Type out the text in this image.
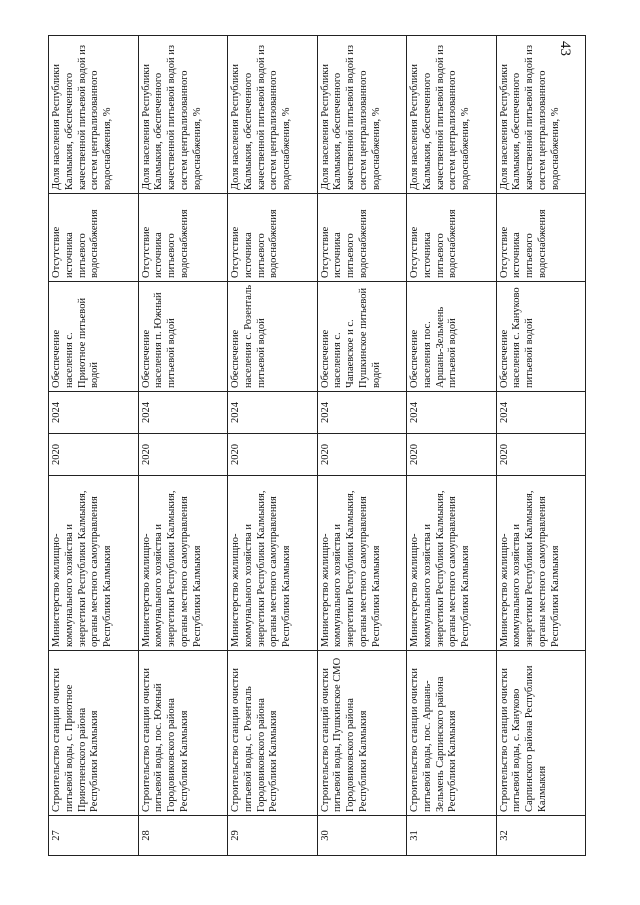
43
27	Строительство станции очистки питьевой воды, с. Приютное Приютненского района Республики Калмыкия	Министерство жилищно-коммунального хозяйства и энергетики Республики Калмыкия, органы местного самоуправления Республики Калмыкия	2020	2024	Обеспечение населения с. Приютное питьевой водой	Отсутствие источника питьевого водоснабжения	Доля населения Республики Калмыкия, обеспеченного качественной питьевой водой из систем централизованного водоснабжения, %
28	Строительство станции очистки питьевой воды, пос. Южный Городовиковского района Республики Калмыкия	Министерство жилищно-коммунального хозяйства и энергетики Республики Калмыкия, органы местного самоуправления Республики Калмыкия	2020	2024	Обеспечение населения п. Южный питьевой водой	Отсутствие источника питьевого водоснабжения	Доля населения Республики Калмыкия, обеспеченного качественной питьевой водой из систем централизованного водоснабжения, %
29	Строительство станции очистки питьевой воды, с. Розенталь Городовиковского района Республики Калмыкия	Министерство жилищно-коммунального хозяйства и энергетики Республики Калмыкия, органы местного самоуправления Республики Калмыкия	2020	2024	Обеспечение населения с. Розенталь питьевой водой	Отсутствие источника питьевого водоснабжения	Доля населения Республики Калмыкия, обеспеченного качественной питьевой водой из систем централизованного водоснабжения, %
30	Строительство станций очистки питьевой воды, Пушкинское СМО Городовиковского района Республики Калмыкия	Министерство жилищно-коммунального хозяйства и энергетики Республики Калмыкия, органы местного самоуправления Республики Калмыкия	2020	2024	Обеспечение населения с. Чапаевское и с. Пушкинское питьевой водой	Отсутствие источника питьевого водоснабжения	Доля населения Республики Калмыкия, обеспеченного качественной питьевой водой из систем централизованного водоснабжения, %
31	Строительство станции очистки питьевой воды, пос. Аршань-Зельмень Сарпинского района Республики Калмыкия	Министерство жилищно-коммунального хозяйства и энергетики Республики Калмыкия, органы местного самоуправления Республики Калмыкия	2020	2024	Обеспечение населения пос. Аршань-Зельмень питьевой водой	Отсутствие источника питьевого водоснабжения	Доля населения Республики Калмыкия, обеспеченного качественной питьевой водой из систем централизованного водоснабжения, %
32	Строительство станции очистки питьевой воды, с. Кануково Сарпинского района Республики Калмыкия	Министерство жилищно-коммунального хозяйства и энергетики Республики Калмыкия, органы местного самоуправления Республики Калмыкия	2020	2024	Обеспечение населения с. Кануково питьевой водой	Отсутствие источника питьевого водоснабжения	Доля населения Республики Калмыкия, обеспеченного качественной питьевой водой из систем централизованного водоснабжения, %
